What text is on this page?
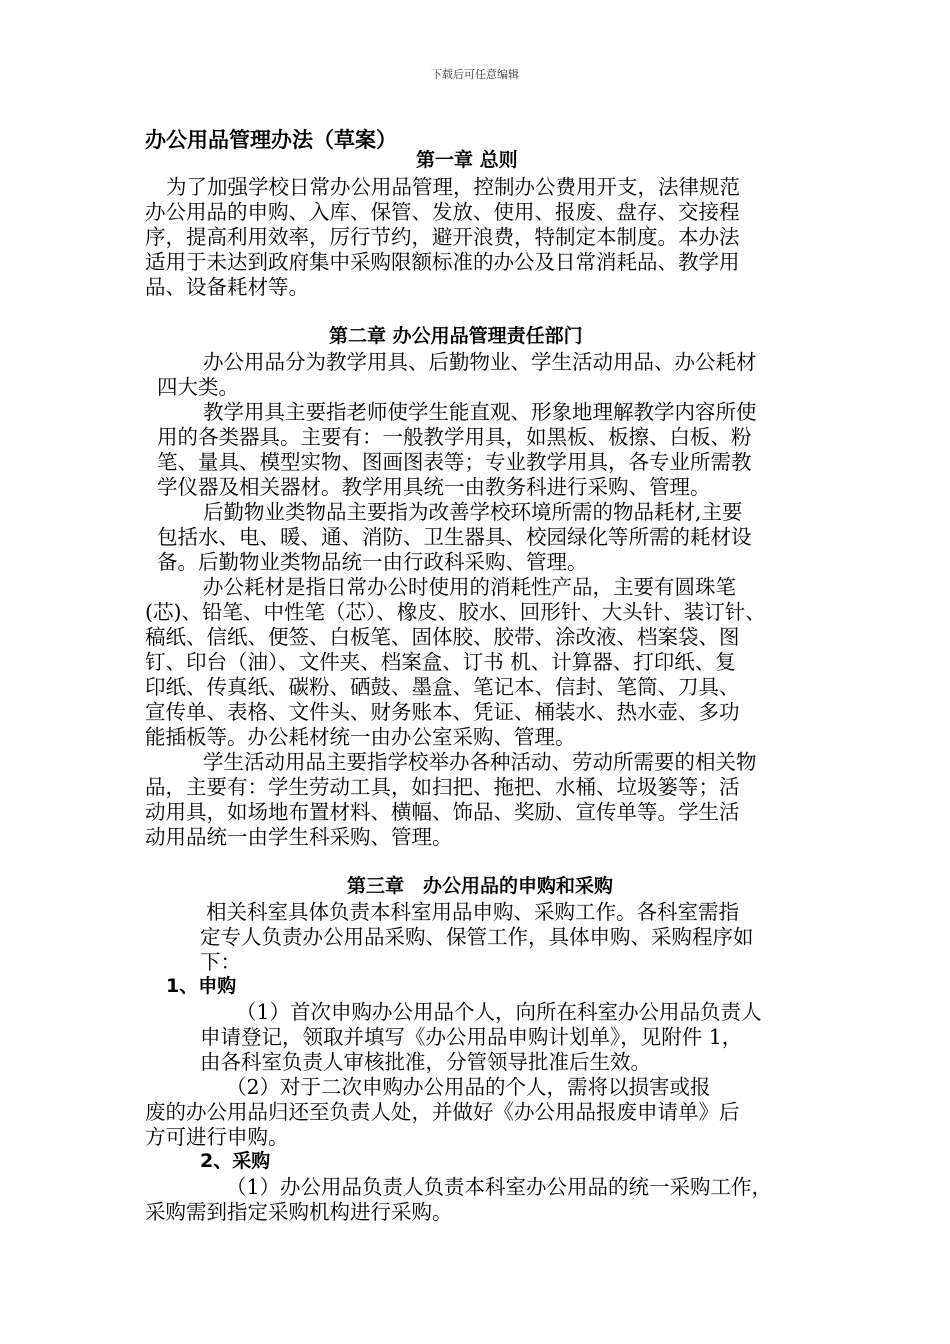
下载后可任意编辑
办公用品管理办法（草案）
第一章 总则
为了加强学校日常办公用品管理，控制办公费用开支，法律规范
办公用品的申购、入库、保管、发放、使用、报废、盘存、交接程
序，提高利用效率，厉行节约，避开浪费，特制定本制度。本办法
适用于未达到政府集中采购限额标准的办公及日常消耗品、教学用
品、设备耗材等。
第二章 办公用品管理责任部门
办公用品分为教学用具、后勤物业、学生活动用品、办公耗材
四大类。
教学用具主要指老师使学生能直观、形象地理解教学内容所使
用的各类器具。主要有：一般教学用具，如黑板、板擦、白板、粉
笔、量具、模型实物、图画图表等；专业教学用具，各专业所需教
学仪器及相关器材。教学用具统一由教务科进行采购、管理。
后勤物业类物品主要指为改善学校环境所需的物品耗材,主要
包括水、电、暖、通、消防、卫生器具、校园绿化等所需的耗材设
备。后勤物业类物品统一由行政科采购、管理。
办公耗材是指日常办公时使用的消耗性产品，主要有圆珠笔
(芯)、铅笔、中性笔（芯）、橡皮、胶水、回形针、大头针、装订针、
稿纸、信纸、便签、白板笔、固体胶、胶带、涂改液、档案袋、图
钉、印台（油）、文件夹、档案盒、订书 机、计算器、打印纸、复
印纸、传真纸、碳粉、硒鼓、墨盒、笔记本、信封、笔筒、刀具、
宣传单、表格、文件头、财务账本、凭证、桶装水、热水壶、多功
能插板等。办公耗材统一由办公室采购、管理。
学生活动用品主要指学校举办各种活动、劳动所需要的相关物
品，主要有：学生劳动工具，如扫把、拖把、水桶、垃圾篓等；活
动用具，如场地布置材料、横幅、饰品、奖励、宣传单等。学生活
动用品统一由学生科采购、管理。
第三章　办公用品的申购和采购
相关科室具体负责本科室用品申购、采购工作。各科室需指
定专人负责办公用品采购、保管工作，具体申购、采购程序如
下：
1、申购
（1）首次申购办公用品个人，向所在科室办公用品负责人
申请登记，领取并填写《办公用品申购计划单》，见附件 1，
由各科室负责人审核批准，分管领导批准后生效。
（2）对于二次申购办公用品的个人，需将以损害或报
废的办公用品归还至负责人处，并做好《办公用品报废申请单》后
方可进行申购。
2、采购
（1）办公用品负责人负责本科室办公用品的统一采购工作，
采购需到指定采购机构进行采购。
